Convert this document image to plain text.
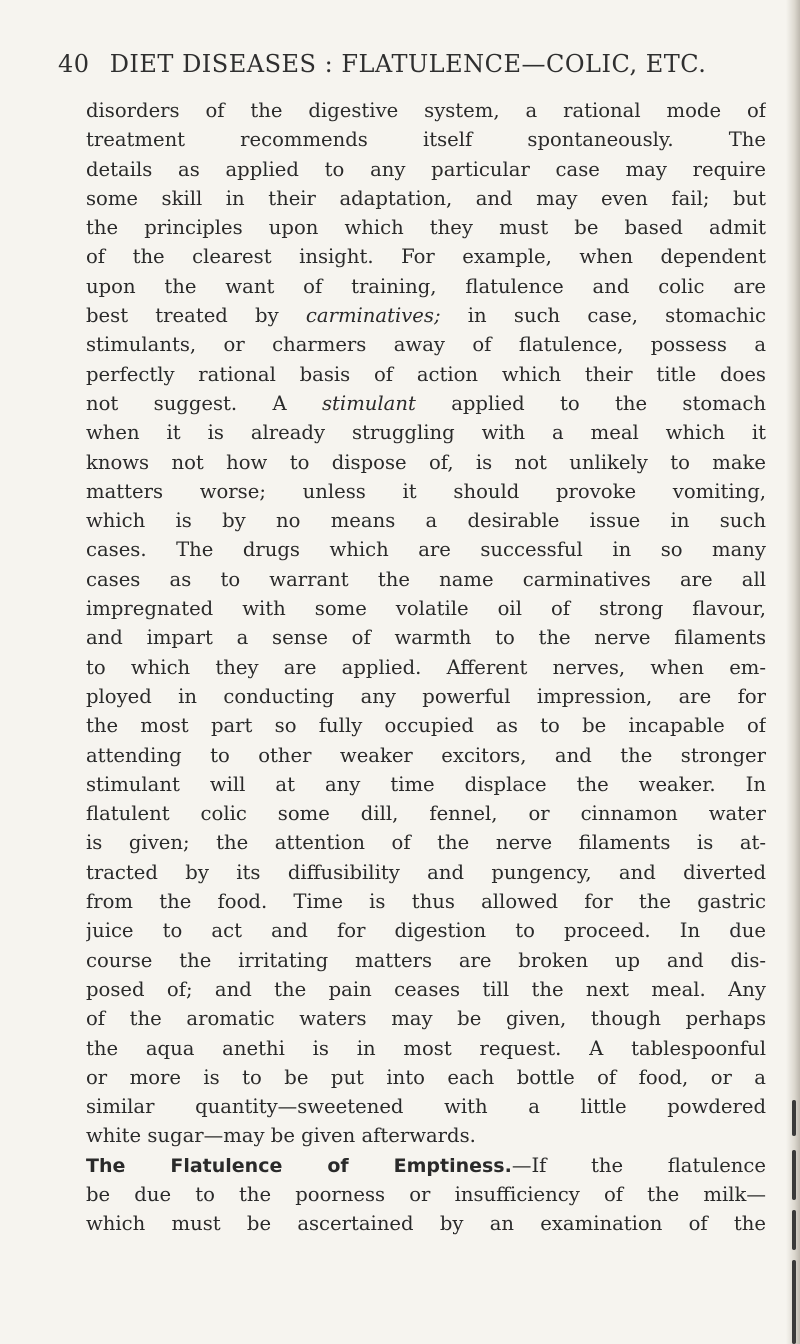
40 DIET DISEASES : FLATULENCE—COLIC, ETC.
disorders of the digestive system, a rational mode of
treatment recommends itself spontaneously. The
details as applied to any particular case may require
some skill in their adaptation, and may even fail; but
the principles upon which they must be based admit
of the clearest insight. For example, when dependent
upon the want of training, flatulence and colic are
best treated by carminatives; in such case, stomachic
stimulants, or charmers away of flatulence, possess a
perfectly rational basis of action which their title does
not suggest. A stimulant applied to the stomach
when it is already struggling with a meal which it
knows not how to dispose of, is not unlikely to make
matters worse; unless it should provoke vomiting,
which is by no means a desirable issue in such
cases. The drugs which are successful in so many
cases as to warrant the name carminatives are all
impregnated with some volatile oil of strong flavour,
and impart a sense of warmth to the nerve filaments
to which they are applied. Afferent nerves, when em-
ployed in conducting any powerful impression, are for
the most part so fully occupied as to be incapable of
attending to other weaker excitors, and the stronger
stimulant will at any time displace the weaker. In
flatulent colic some dill, fennel, or cinnamon water
is given; the attention of the nerve filaments is at-
tracted by its diffusibility and pungency, and diverted
from the food. Time is thus allowed for the gastric
juice to act and for digestion to proceed. In due
course the irritating matters are broken up and dis-
posed of; and the pain ceases till the next meal. Any
of the aromatic waters may be given, though perhaps
the aqua anethi is in most request. A tablespoonful
or more is to be put into each bottle of food, or a
similar quantity—sweetened with a little powdered
white sugar—may be given afterwards.
The Flatulence of Emptiness.—If the flatulence
be due to the poorness or insufficiency of the milk—
which must be ascertained by an examination of the
